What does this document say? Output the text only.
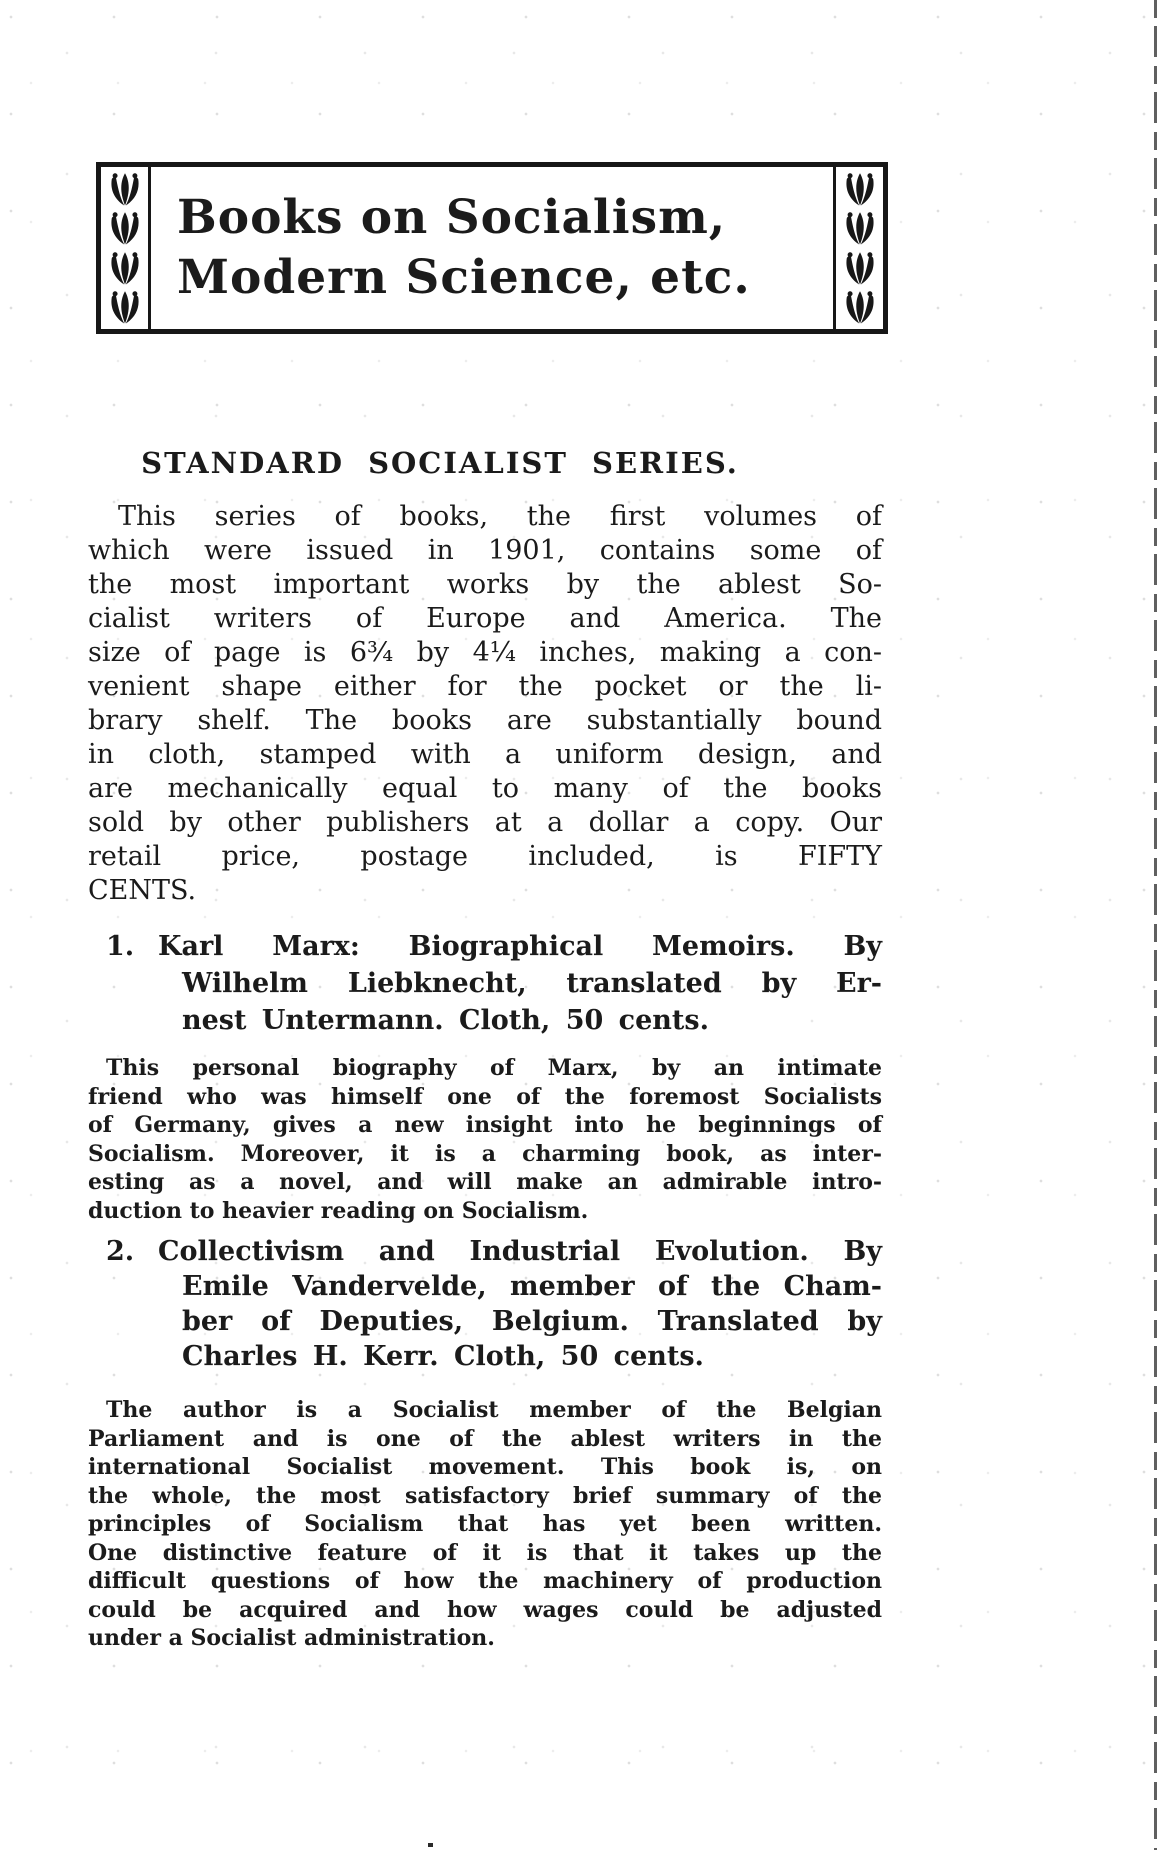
Books on Socialism,
Modern Science, etc.
STANDARD SOCIALIST SERIES.
This series of books, the first volumes of
which were issued in 1901, contains some of
the most important works by the ablest So-
cialist writers of Europe and America. The
size of page is 6¾ by 4¼ inches, making a con-
venient shape either for the pocket or the li-
brary shelf. The books are substantially bound
in cloth, stamped with a uniform design, and
are mechanically equal to many of the books
sold by other publishers at a dollar a copy. Our
retail price, postage included, is FIFTY
CENTS.
1. Karl Marx: Biographical Memoirs. By
Wilhelm Liebknecht, translated by Er-
nest Untermann. Cloth, 50 cents.
This personal biography of Marx, by an intimate
friend who was himself one of the foremost Socialists
of Germany, gives a new insight into he beginnings of
Socialism. Moreover, it is a charming book, as inter-
esting as a novel, and will make an admirable intro-
duction to heavier reading on Socialism.
2. Collectivism and Industrial Evolution. By
Emile Vandervelde, member of the Cham-
ber of Deputies, Belgium. Translated by
Charles H. Kerr. Cloth, 50 cents.
The author is a Socialist member of the Belgian
Parliament and is one of the ablest writers in the
international Socialist movement. This book is, on
the whole, the most satisfactory brief summary of the
principles of Socialism that has yet been written.
One distinctive feature of it is that it takes up the
difficult questions of how the machinery of production
could be acquired and how wages could be adjusted
under a Socialist administration.
